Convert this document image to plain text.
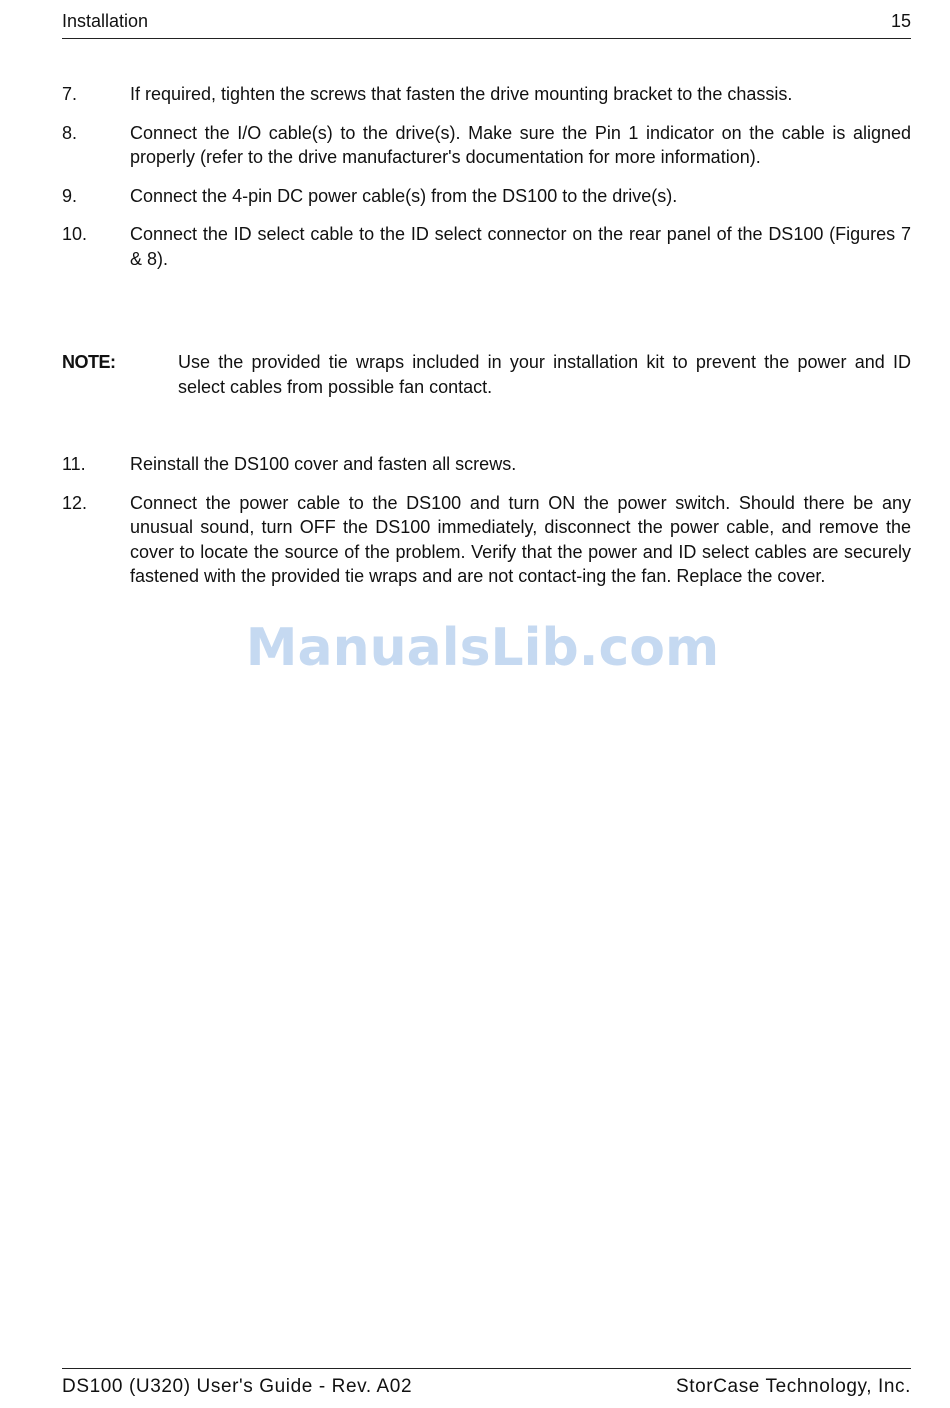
Installation	15
7.	If required, tighten the screws that fasten the drive mounting bracket to the chassis.
8.	Connect the I/O cable(s) to the drive(s). Make sure the Pin 1 indicator on the cable is aligned properly (refer to the drive manufacturer's documentation for more information).
9.	Connect the 4-pin DC power cable(s) from the DS100 to the drive(s).
10. Connect the ID select cable to the ID select connector on the rear panel of the DS100 (Figures 7 & 8).
NOTE:	Use the provided tie wraps included in your installation kit to prevent the power and ID select cables from possible fan contact.
11. Reinstall the DS100 cover and fasten all screws.
12. Connect the power cable to the DS100 and turn ON the power switch. Should there be any unusual sound, turn OFF the DS100 immediately, disconnect the power cable, and remove the cover to locate the source of the problem. Verify that the power and ID select cables are securely fastened with the provided tie wraps and are not contact-ing the fan. Replace the cover.
ManualsLib.com
DS100 (U320) User's Guide - Rev. A02	StorCase Technology, Inc.
